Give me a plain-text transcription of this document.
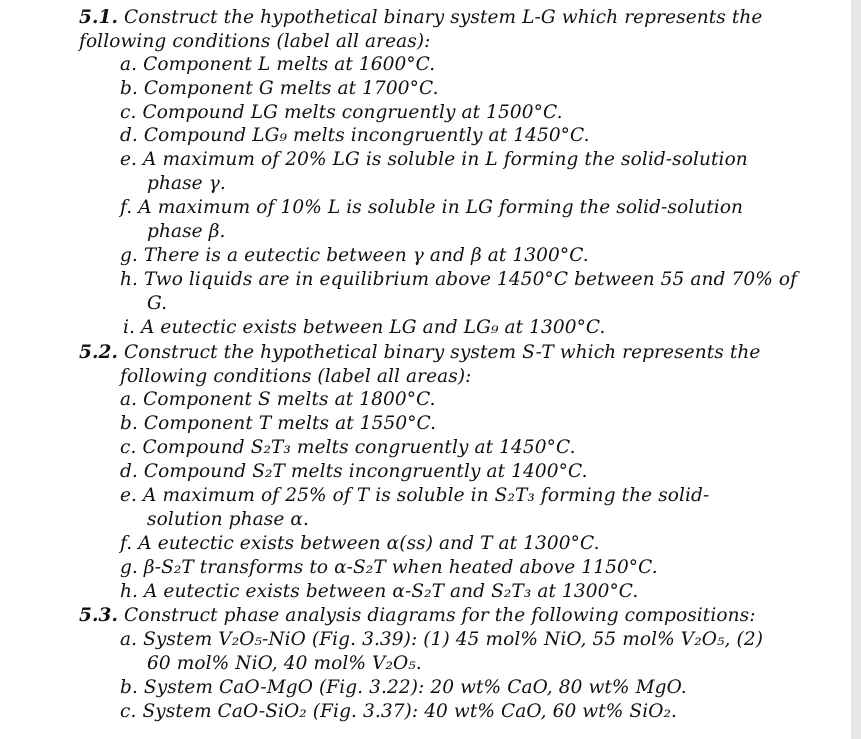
5.1. Construct the hypothetical binary system L-G which represents the
following conditions (label all areas):
a. Component L melts at 1600°C.
b. Component G melts at 1700°C.
c. Compound LG melts congruently at 1500°C.
d. Compound LG₉ melts incongruently at 1450°C.
e. A maximum of 20% LG is soluble in L forming the solid-solution
phase γ.
f. A maximum of 10% L is soluble in LG forming the solid-solution
phase β.
g. There is a eutectic between γ and β at 1300°C.
h. Two liquids are in equilibrium above 1450°C between 55 and 70% of
G.
i. A eutectic exists between LG and LG₉ at 1300°C.
5.2. Construct the hypothetical binary system S-T which represents the
following conditions (label all areas):
a. Component S melts at 1800°C.
b. Component T melts at 1550°C.
c. Compound S₂T₃ melts congruently at 1450°C.
d. Compound S₂T melts incongruently at 1400°C.
e. A maximum of 25% of T is soluble in S₂T₃ forming the solid-
solution phase α.
f. A eutectic exists between α(ss) and T at 1300°C.
g. β-S₂T transforms to α-S₂T when heated above 1150°C.
h. A eutectic exists between α-S₂T and S₂T₃ at 1300°C.
5.3. Construct phase analysis diagrams for the following compositions:
a. System V₂O₅-NiO (Fig. 3.39): (1) 45 mol% NiO, 55 mol% V₂O₅, (2)
60 mol% NiO, 40 mol% V₂O₅.
b. System CaO-MgO (Fig. 3.22): 20 wt% CaO, 80 wt% MgO.
c. System CaO-SiO₂ (Fig. 3.37): 40 wt% CaO, 60 wt% SiO₂.
